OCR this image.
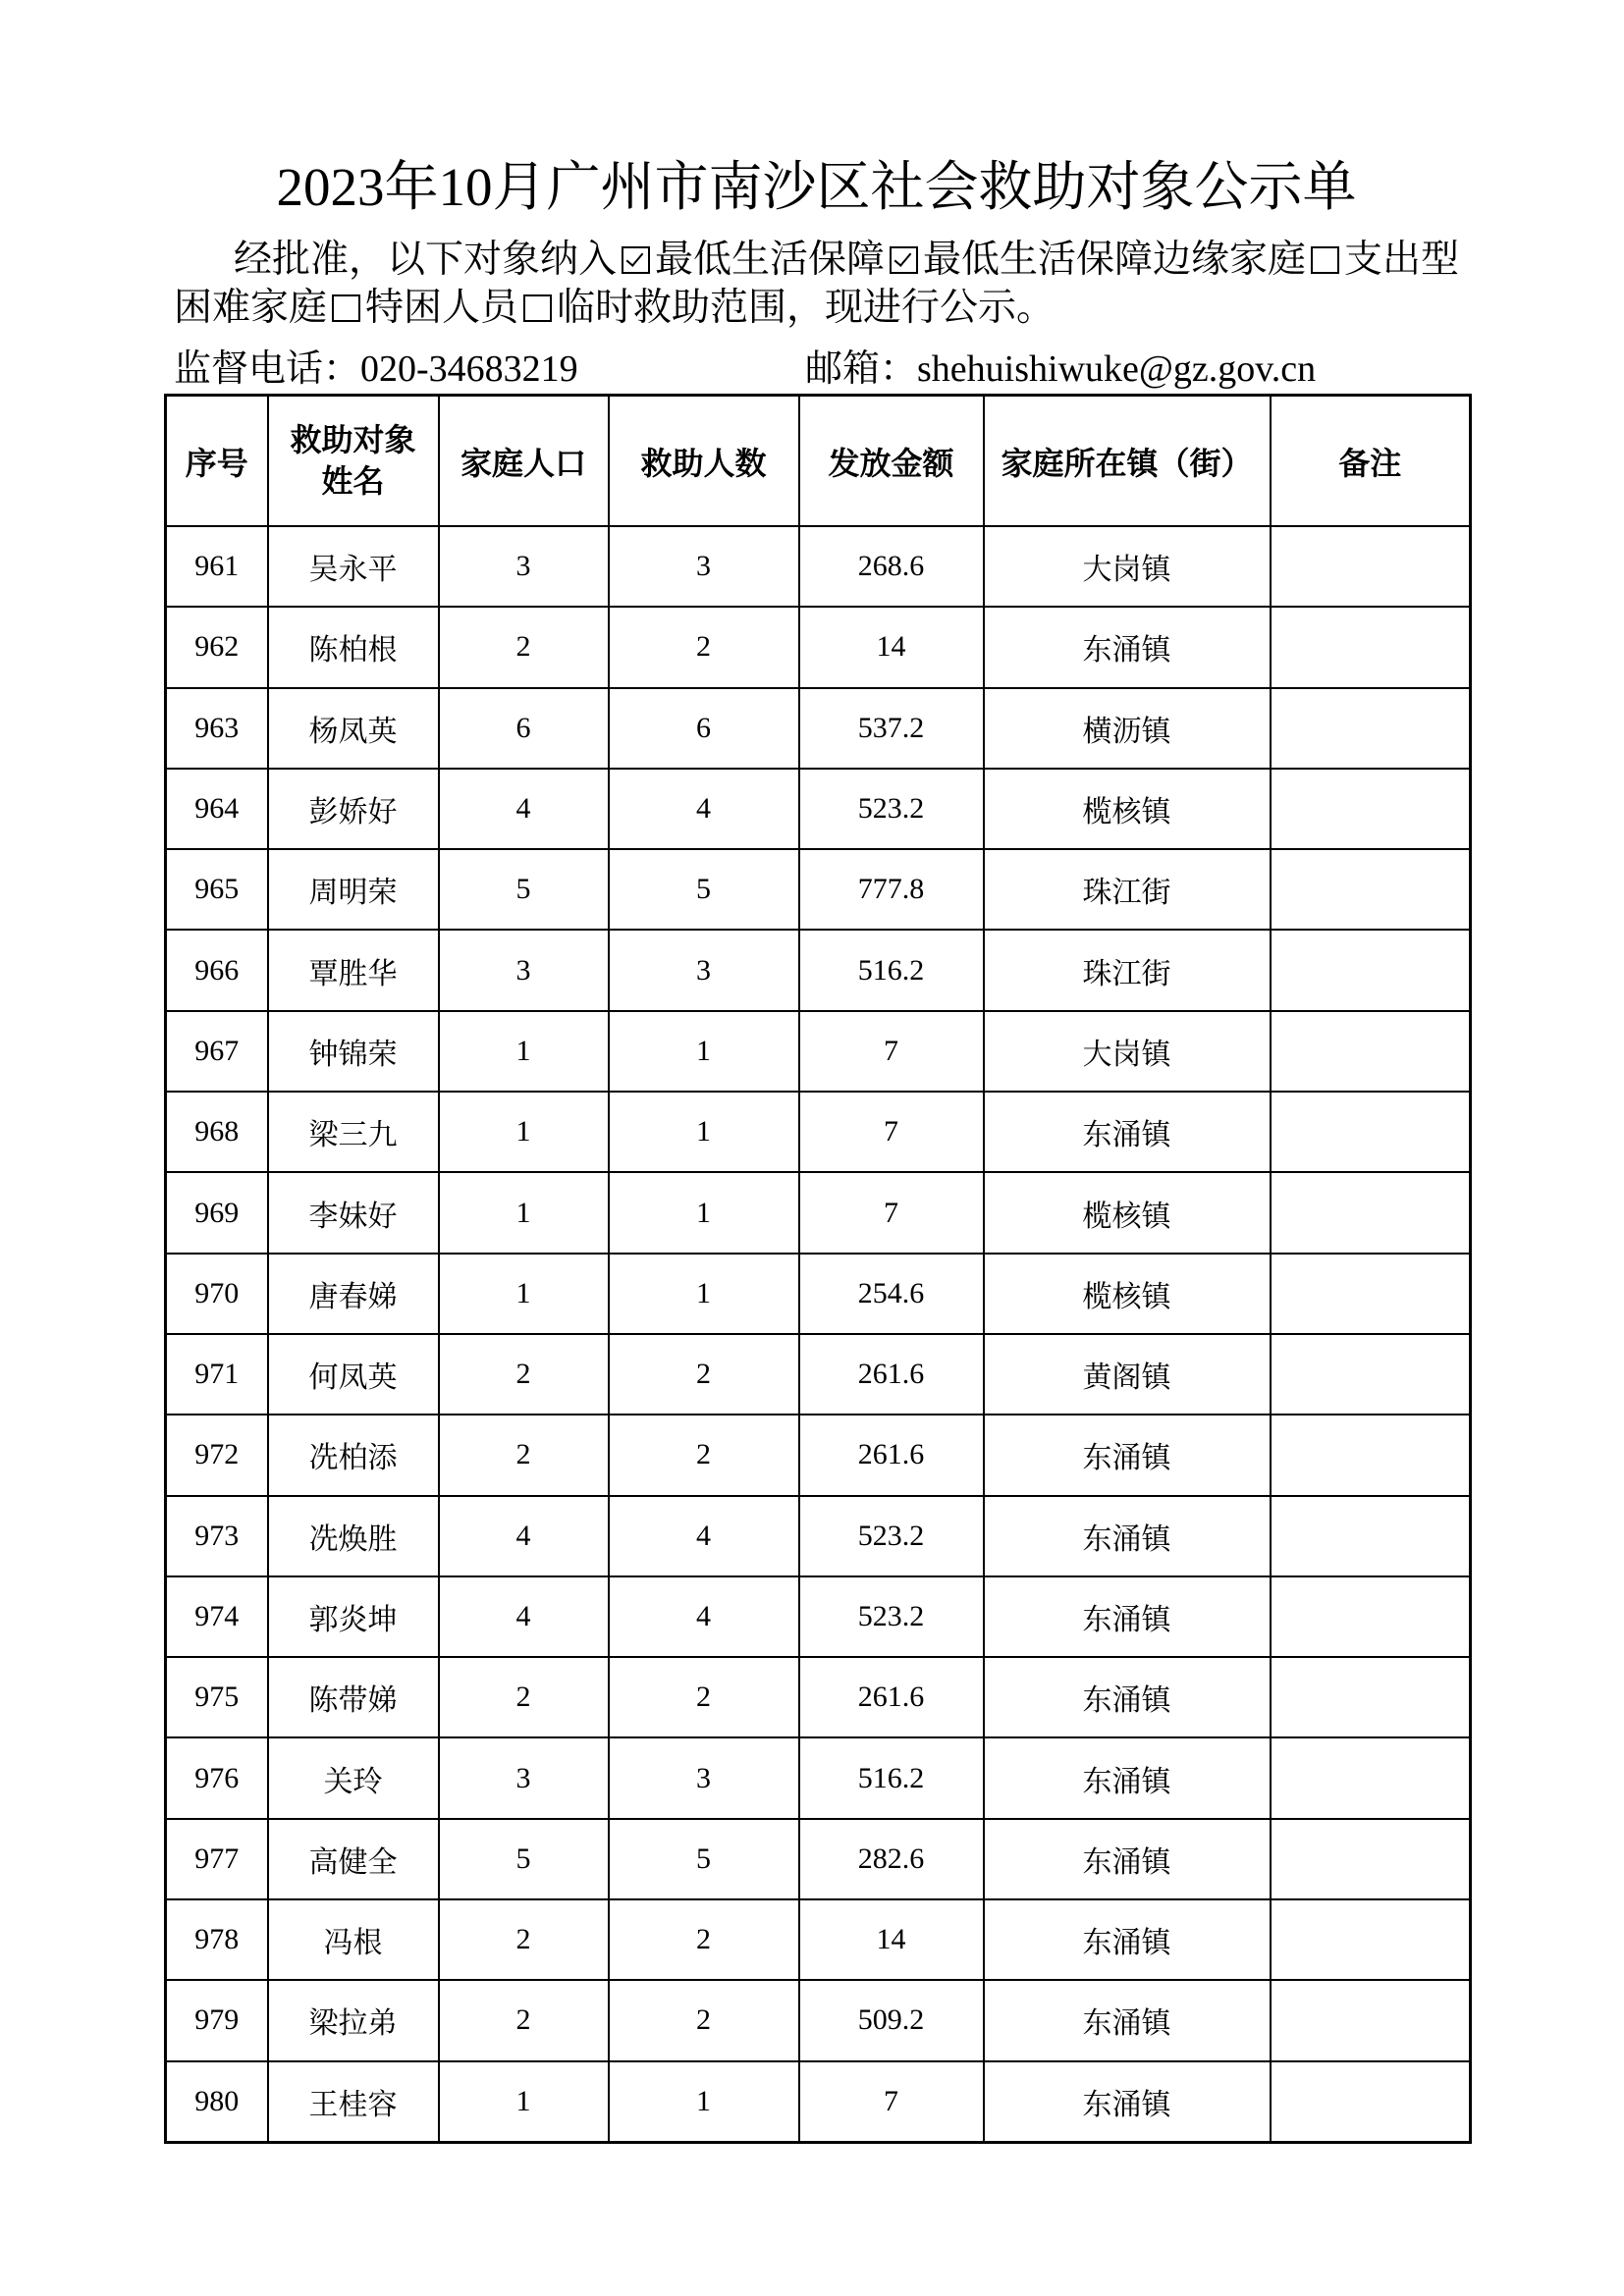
2023年10月广州市南沙区社会救助对象公示单
经批准，以下对象纳入 最低生活保障 最低生活保障边缘家庭 支出型
困难家庭 特困人员 临时救助 范围，现进行公示。
监督电话： 020-34683219	邮箱： shehuishiwuke@gz.gov.cn
序号	救助对象姓名	家庭人口	救助人数	发放金额	家庭所在镇（街）	备注
961	吴永平	3	3	268.6	大岗镇	
962	陈柏根	2	2	14	东涌镇	
963	杨凤英	6	6	537.2	横沥镇	
964	彭娇好	4	4	523.2	榄核镇	
965	周明荣	5	5	777.8	珠江街	
966	覃胜华	3	3	516.2	珠江街	
967	钟锦荣	1	1	7	大岗镇	
968	梁三九	1	1	7	东涌镇	
969	李妹好	1	1	7	榄核镇	
970	唐春娣	1	1	254.6	榄核镇	
971	何凤英	2	2	261.6	黄阁镇	
972	冼柏添	2	2	261.6	东涌镇	
973	冼焕胜	4	4	523.2	东涌镇	
974	郭炎坤	4	4	523.2	东涌镇	
975	陈带娣	2	2	261.6	东涌镇	
976	关玲	3	3	516.2	东涌镇	
977	高健全	5	5	282.6	东涌镇	
978	冯根	2	2	14	东涌镇	
979	梁拉弟	2	2	509.2	东涌镇	
980	王桂容	1	1	7	东涌镇	
